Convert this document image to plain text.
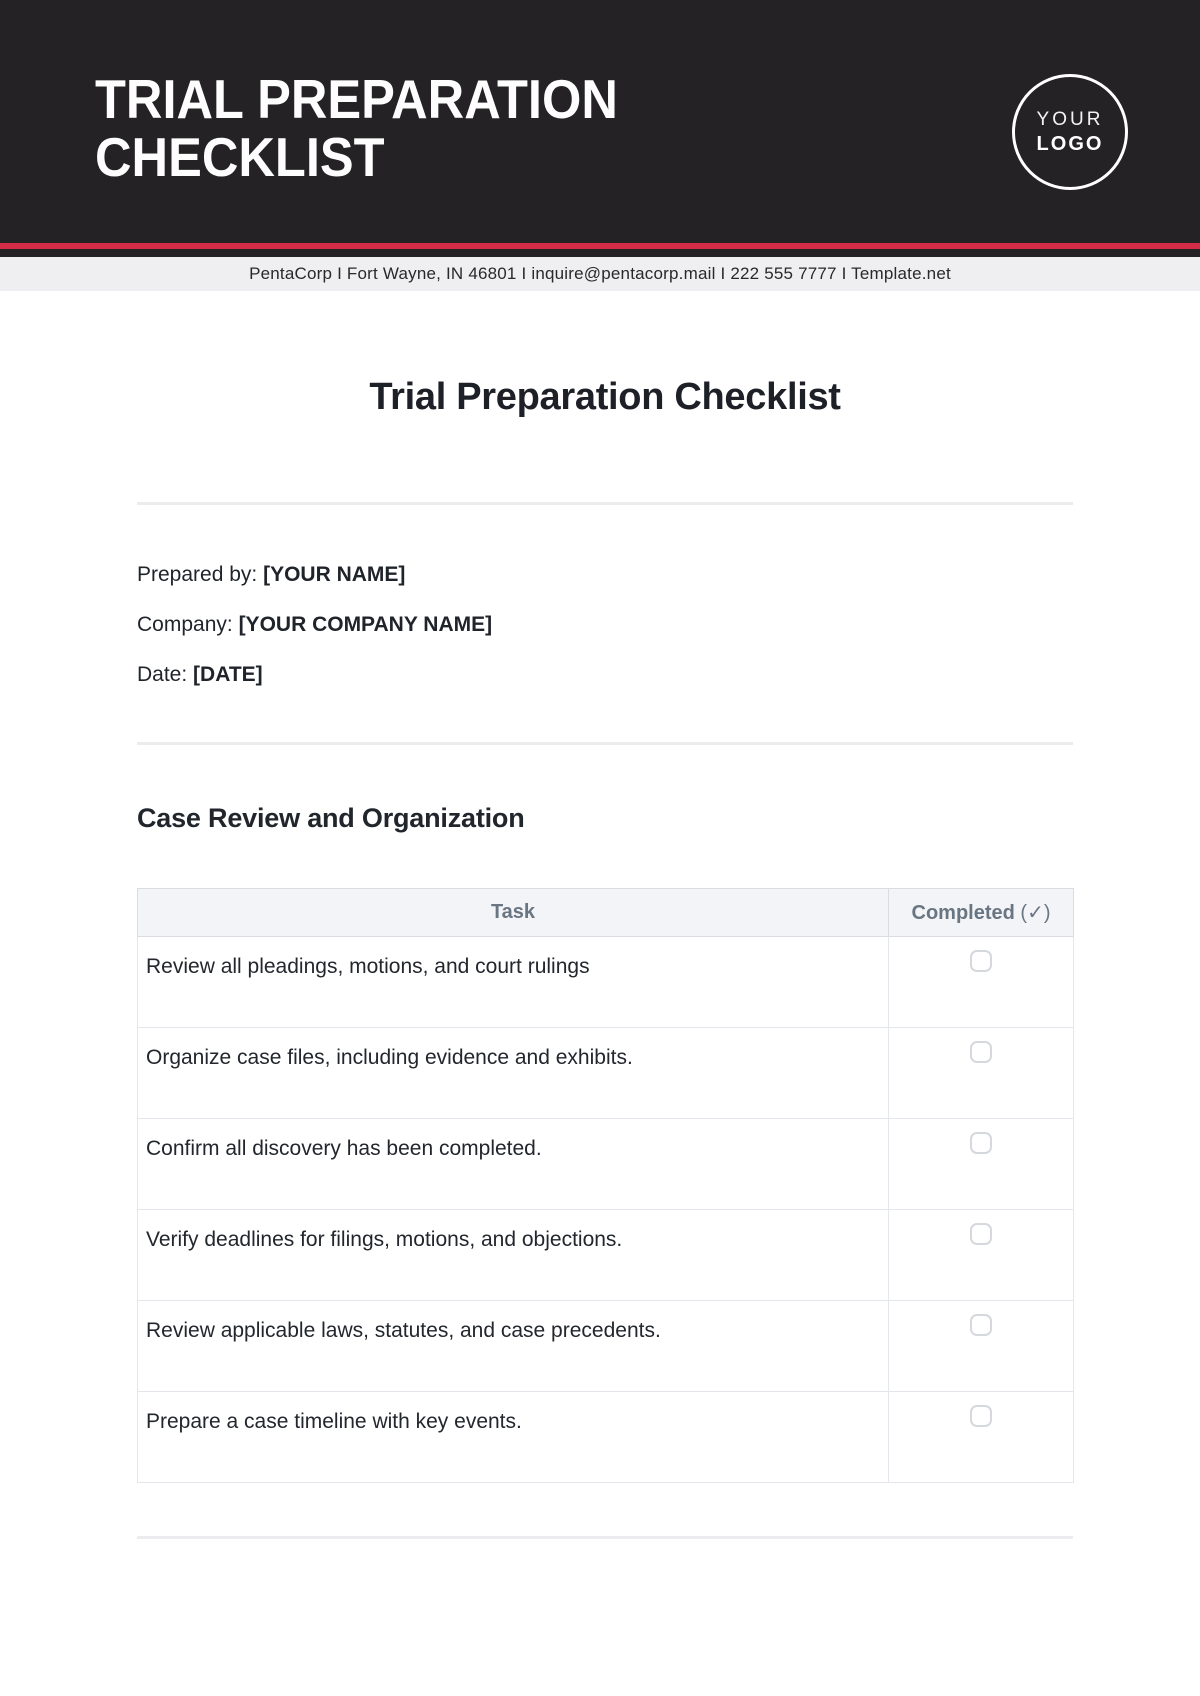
TRIAL PREPARATION
CHECKLIST
YOUR
LOGO
PentaCorp I Fort Wayne, IN 46801 I inquire@pentacorp.mail I 222 555 7777 I Template.net
Trial Preparation Checklist

Prepared by: [YOUR NAME]

Company: [YOUR COMPANY NAME]

Date: [DATE]

Case Review and Organization
Task	Completed (✓)
Review all pleadings, motions, and court rulings	

Organize case files, including evidence and exhibits.	

Confirm all discovery has been completed.	

Verify deadlines for filings, motions, and objections.	

Review applicable laws, statutes, and case precedents.	

Prepare a case timeline with key events.	
